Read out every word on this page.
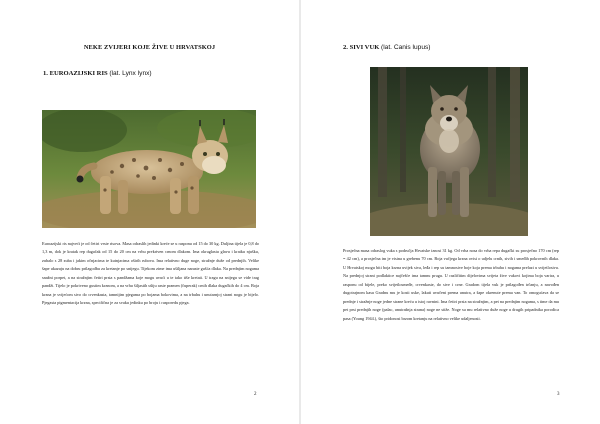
NEKE ZVIJERI KOJE ŽIVE U HRVATSKOJ
1. EUROAZIJSKI RIS (lat. Lynx lynx)
Euroazijski ris najveći je od četiri vrste risova. Masa odraslih jedinki kreće se u rasponu od 15 do 30 kg. Duljina tijela je 0,8 do 1,3 m, dok je kratak rep dugačak od 15 do 20 cm na vrhu prekriven crnom dlakom. Ima okruglastu glavu i kratku njušku, zubalo s 28 zuba i jakim očnjacima te kutnjacima oštrih rubova. Ima relativno duge noge, stražnje duže od prednjih. Velike šape ukazuju na dobru prilagodbu za kretanje po snijegu. Tijekom zime ima ušiljana naraste gušća dlaka. Na prednjim nogama snažni porpet, a na stražnjim četiri prsta s pandžama koje mogu uvući u te tako tiše kretati. U tragu na snijegu se vide trag pandži. Tijelo je pokriveno gustim krznom, a na vrhu šiljastih ušiju raste pramen (čuperak) crnih dlaka dugačkih do 4 cm. Boja krzna je svijećom sivo do crvenkasta, tamnijim pjegama po bojama bokovima, a na trbuhu i unutarnjoj strani nogu je bijelo. Pjegasta pigmentacija krzna, specifična je za svaku jedinku po broju i rasporedu pjega.
2
2. SIVI VUK (lat. Canis lupus)
Prosječna masa odraslog vuka s područja Hrvatske iznosi 31 kg. Od vrha nosa do vrha repa dugački su prosječno 170 cm (rep = 42 cm), a prosječna im je visina u grebenu 70 cm. Boja vučjega krzna ovisi o udjelu crnih, sivih i smeđih pokrovnih dlaka. U Hrvatskoj mogu biti boja krzna uvijek siva, leđa i rep su tamnosive boje koja prema trbuhu i nogama prelazi u svijetlosivu. Na prednjoj strani podlaktice najčešće ima tamnu prugu. U različitim dijelovima svijeta žive vukovi kojima boja varira, u rasponu od bijele, preko svijetlosmeđe, crvenkaste, do sive i crne. Gradom tijela vuk je prilagođen trčanju, a navođen dugotrajnom kasu Gradnu mu je kosti uske, lakuti uvučeni prema unutra, a šape okrenute prema van. To omogućava da se prednje i stražnje noge jedne strane kreću u istoj ravnini. Ima četiri prsta na stražnjim, a pet na prednjim nogama, s time da mu pet prst prednjih noge (palac, unutrašnja strana) noge ne stiže. Noge su mu relativno duže noge u drugih pripadnika porodica pasa (Young 1944.), što pridonosi brzom kretanju na relativno velike udaljenosti.
3
